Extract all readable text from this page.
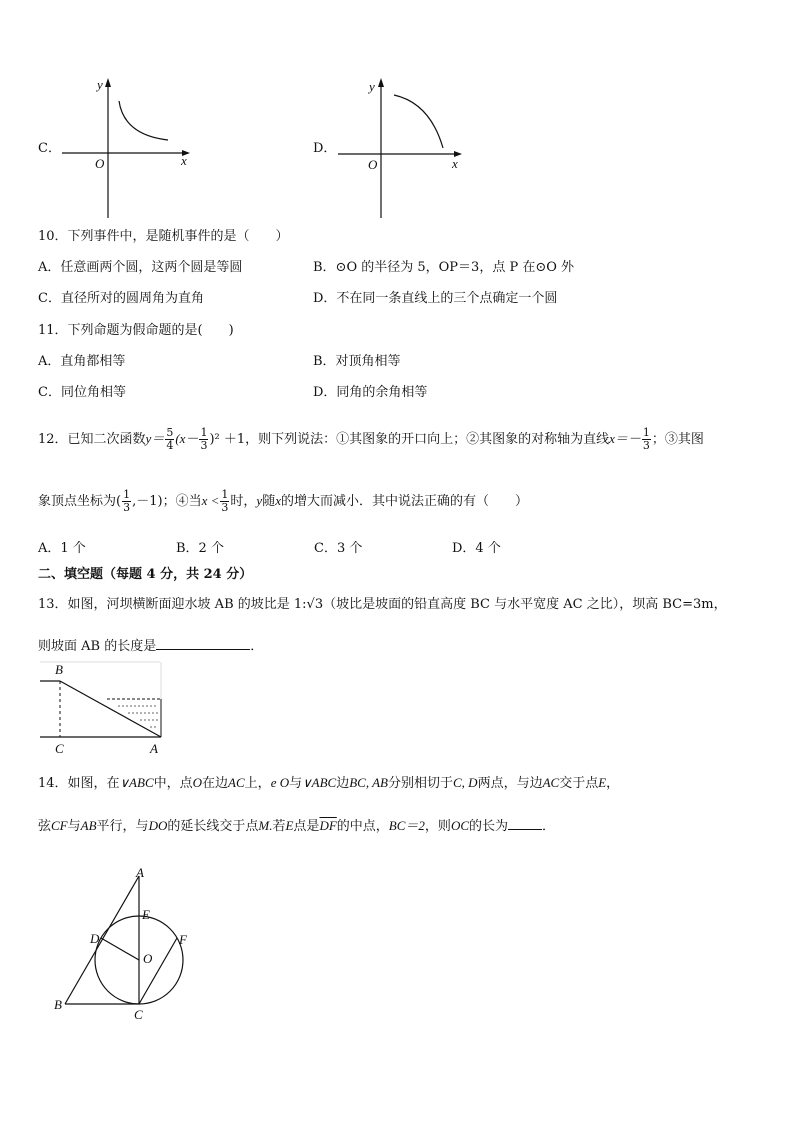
C．
y
x
O
D．
y
x
O
10．下列事件中，是随机事件的是（　　）
A．任意画两个圆，这两个圆是等圆	B．⊙O 的半径为 5，OP＝3，点 P 在⊙O 外
C．直径所对的圆周角为直角	D．不在同一条直线上的三个点确定一个圆
11．下列命题为假命题的是(　　)
A．直角都相等	B．对顶角相等
C．同位角相等	D．同角的余角相等
12．已知二次函数$y= \frac{5}{4} (x- \frac{1}{3} )^2 +1$，则下列说法：①其图象的开口向上；②其图象的对称轴为直线$x=- \frac{1}{3}$ ；③其图
象顶点坐标为( $\frac{1}{3} ,-1$)；④当$x < \frac{1}{3}$ 时，y随x的增大而减小．其中说法正确的有（　　）
A．1 个	B．2 个	C．3 个	D．4 个
二、填空题（每题 4 分，共 24 分）
13．如图，河坝横断面迎水坡 AB 的坡比是 1:√3（坡比是坡面的铅直高度 BC 与水平宽度 AC 之比），坝高 BC=3m，
则坡面 AB 的长度是	．
B
C	A
14．如图，在∨ABC中，点O在边AC上，e O与∨ABC边BC, AB分别相切于C, D两点，与边AC交于点E，
弦CF与AB平行，与DO的延长线交于点M.若E点是$\overline{DF}$的中点，BC＝2，则OC的长为	．
A
E
D	F
O
B
C
